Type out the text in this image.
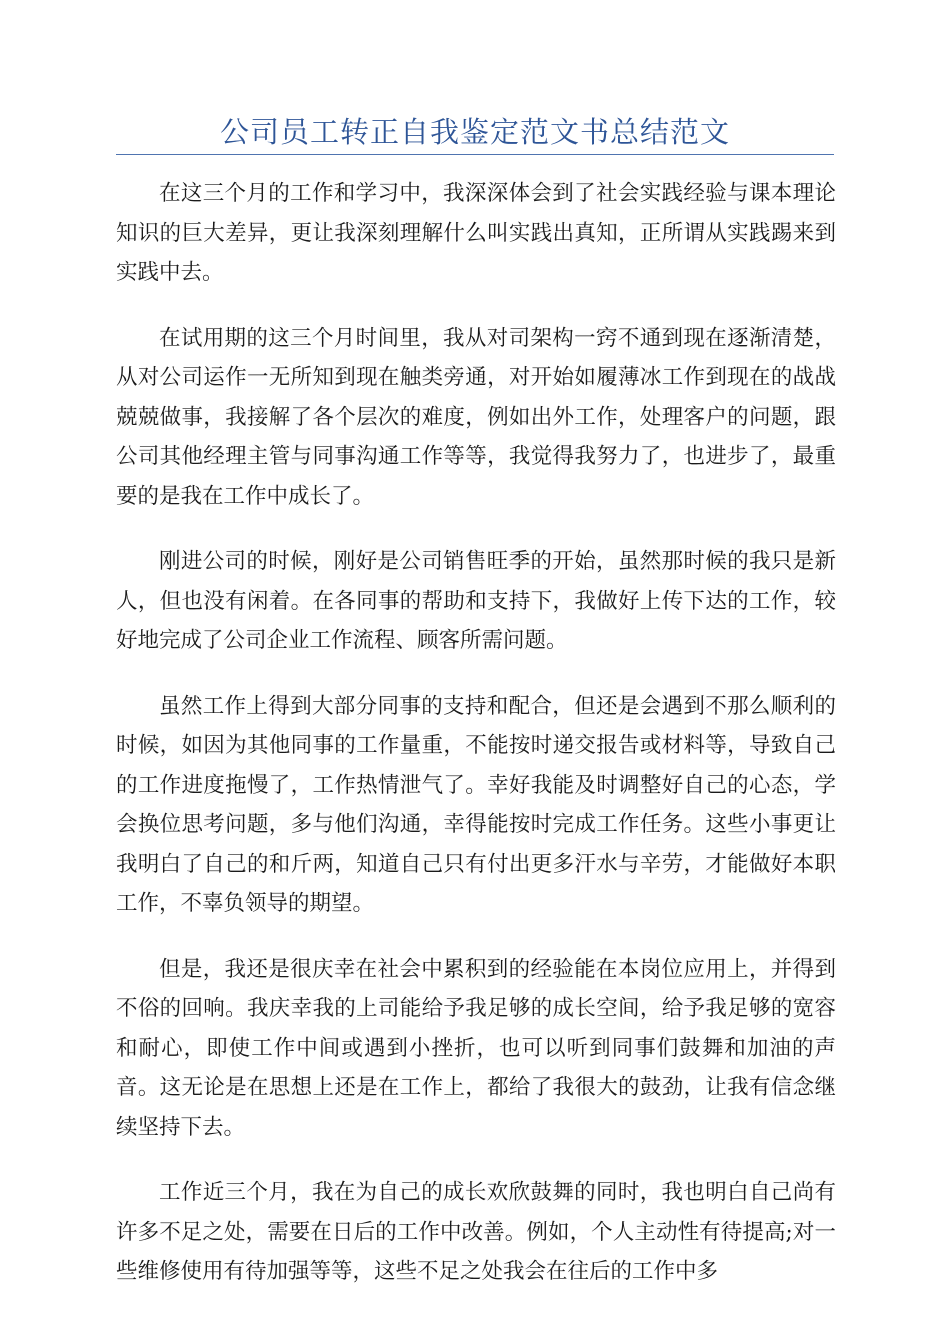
公司员工转正自我鉴定范文书总结范文

在这三个月的工作和学习中，我深深体会到了社会实践经验与课本理论知识的巨大差异，更让我深刻理解什么叫实践出真知，正所谓从实践踢来到实践中去。

在试用期的这三个月时间里，我从对司架构一窍不通到现在逐渐清楚，从对公司运作一无所知到现在触类旁通，对开始如履薄冰工作到现在的战战兢兢做事，我接解了各个层次的难度，例如出外工作，处理客户的问题，跟公司其他经理主管与同事沟通工作等等，我觉得我努力了，也进步了，最重要的是我在工作中成长了。

刚进公司的时候，刚好是公司销售旺季的开始，虽然那时候的我只是新人，但也没有闲着。在各同事的帮助和支持下，我做好上传下达的工作，较好地完成了公司企业工作流程、顾客所需问题。

虽然工作上得到大部分同事的支持和配合，但还是会遇到不那么顺利的时候，如因为其他同事的工作量重，不能按时递交报告或材料等，导致自己的工作进度拖慢了，工作热情泄气了。幸好我能及时调整好自己的心态，学会换位思考问题，多与他们沟通，幸得能按时完成工作任务。这些小事更让我明白了自己的和斤两，知道自己只有付出更多汗水与辛劳，才能做好本职工作，不辜负领导的期望。

但是，我还是很庆幸在社会中累积到的经验能在本岗位应用上，并得到不俗的回响。我庆幸我的上司能给予我足够的成长空间，给予我足够的宽容和耐心，即使工作中间或遇到小挫折，也可以听到同事们鼓舞和加油的声音。这无论是在思想上还是在工作上，都给了我很大的鼓劲，让我有信念继续坚持下去。

工作近三个月，我在为自己的成长欢欣鼓舞的同时，我也明白自己尚有许多不足之处，需要在日后的工作中改善。例如，个人主动性有待提高;对一些维修使用有待加强等等，这些不足之处我会在往后的工作中多
